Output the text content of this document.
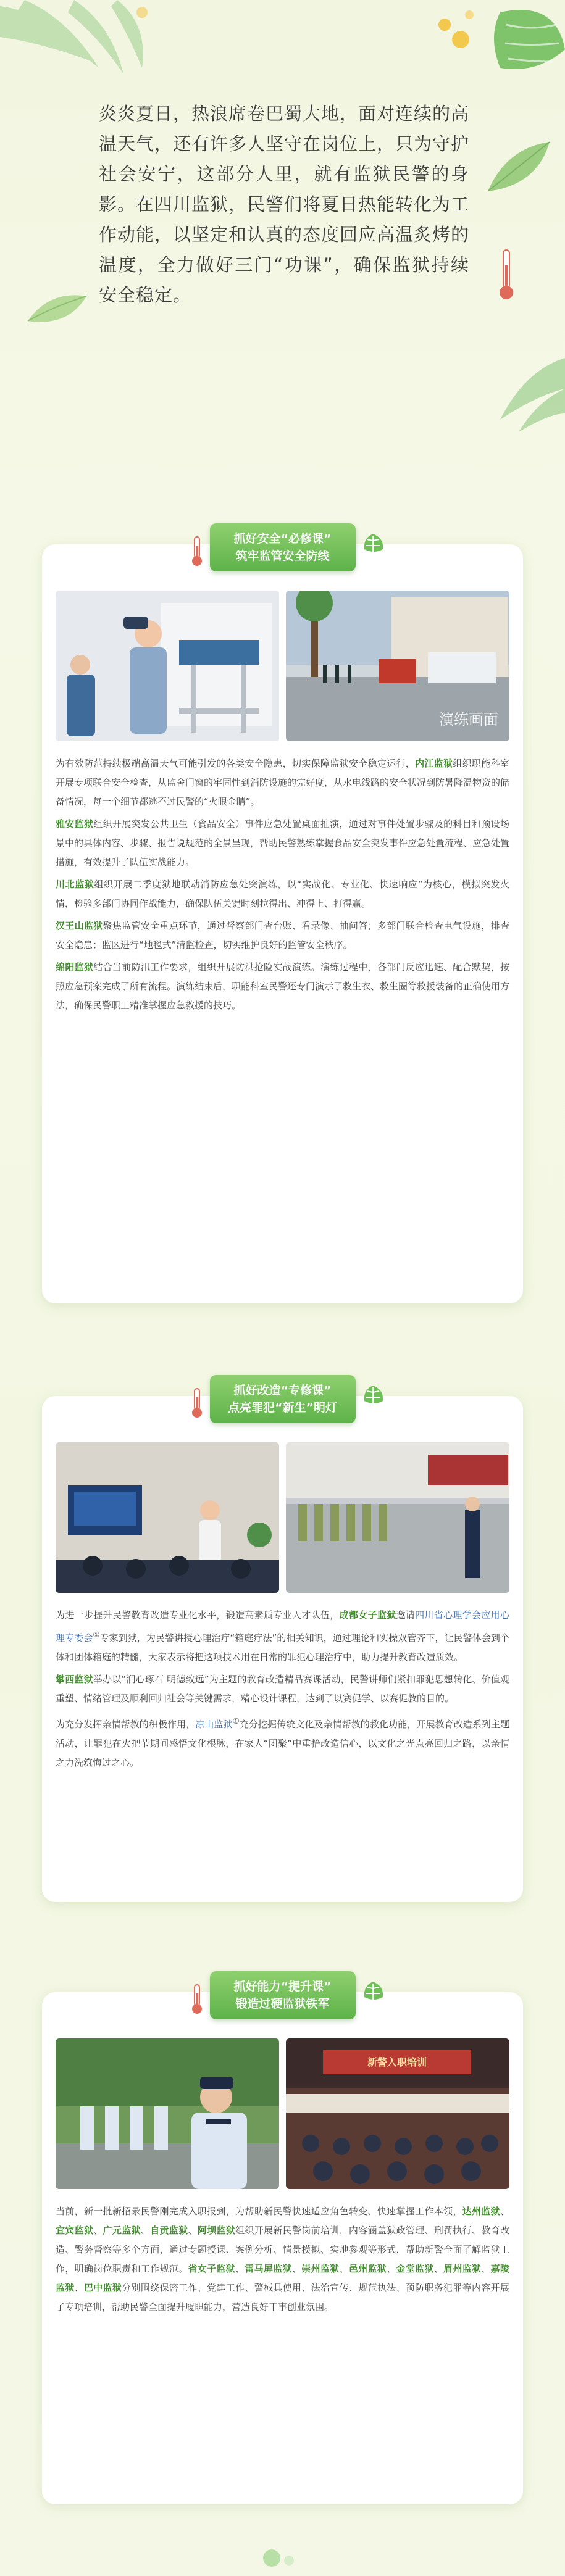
炎炎夏日，热浪席卷巴蜀大地，面对连续的高温天气，还有许多人坚守在岗位上，只为守护社会安宁，这部分人里，就有监狱民警的身影。在四川监狱，民警们将夏日热能转化为工作动能，以坚定和认真的态度回应高温炙烤的温度，全力做好三门“功课”，确保监狱持续安全稳定。
抓好安全“必修课”
筑牢监管安全防线
演练画面

为有效防范持续极端高温天气可能引发的各类安全隐患，切实保障监狱安全稳定运行，内江监狱组织职能科室开展专项联合安全检查，从监舍门窗的牢固性到消防设施的完好度，从水电线路的安全状况到防暑降温物资的储备情况，每一个细节都逃不过民警的“火眼金睛”。

雅安监狱组织开展突发公共卫生（食品安全）事件应急处置桌面推演，通过对事件处置步骤及的科目和预设场景中的具体内容、步骤、报告说规范的全景呈现，帮助民警熟练掌握食品安全突发事件应急处置流程、应急处置措施，有效提升了队伍实战能力。

川北监狱组织开展二季度狱地联动消防应急处突演练，以“实战化、专业化、快速响应”为核心，模拟突发火情，检验多部门协同作战能力，确保队伍关键时刻拉得出、冲得上、打得赢。

汉王山监狱聚焦监管安全重点环节，通过督察部门查台账、看录像、抽问答；多部门联合检查电气设施，排查安全隐患；监区进行“地毯式”清监检查，切实维护良好的监管安全秩序。

绵阳监狱结合当前防汛工作要求，组织开展防洪抢险实战演练。演练过程中，各部门反应迅速、配合默契，按照应急预案完成了所有流程。演练结束后，职能科室民警还专门演示了救生衣、救生圈等救援装备的正确使用方法，确保民警职工精准掌握应急救援的技巧。

抓好改造“专修课”
点亮罪犯“新生”明灯

为进一步提升民警教育改造专业化水平，锻造高素质专业人才队伍，成都女子监狱邀请四川省心理学会应用心理专委会①专家到狱，为民警讲授心理治疗“箱庭疗法”的相关知识，通过理论和实操双管齐下，让民警体会到个体和团体箱庭的精髓，大家表示将把这项技术用在日常的罪犯心理治疗中，助力提升教育改造质效。

攀西监狱举办以“润心琢石 明德致远”为主题的教育改造精品赛课活动，民警讲师们紧扣罪犯思想转化、价值观重塑、情绪管理及顺利回归社会等关键需求，精心设计课程，达到了以赛促学、以赛促教的目的。

为充分发挥亲情帮教的积极作用，凉山监狱①充分挖掘传统文化及亲情帮教的教化功能，开展教育改造系列主题活动，让罪犯在火把节期间感悟文化根脉，在家人“团聚”中重拾改造信心，以文化之光点亮回归之路，以亲情之力洗筑悔过之心。

抓好能力“提升课”
锻造过硬监狱铁军
新警入职培训

当前，新一批新招录民警刚完成入职报到，为帮助新民警快速适应角色转变、快速掌握工作本领，达州监狱、宜宾监狱、广元监狱、自贡监狱、阿坝监狱组织开展新民警岗前培训，内容涵盖狱政管理、刑罚执行、教育改造、警务督察等多个方面，通过专题授课、案例分析、情景模拟、实地参观等形式，帮助新警全面了解监狱工作，明确岗位职责和工作规范。省女子监狱、雷马屏监狱、崇州监狱、邑州监狱、金堂监狱、眉州监狱、嘉陵监狱、巴中监狱分别围绕保密工作、党建工作、警械具使用、法治宣传、规范执法、预防职务犯罪等内容开展了专项培训，帮助民警全面提升履职能力，营造良好干事创业氛围。
